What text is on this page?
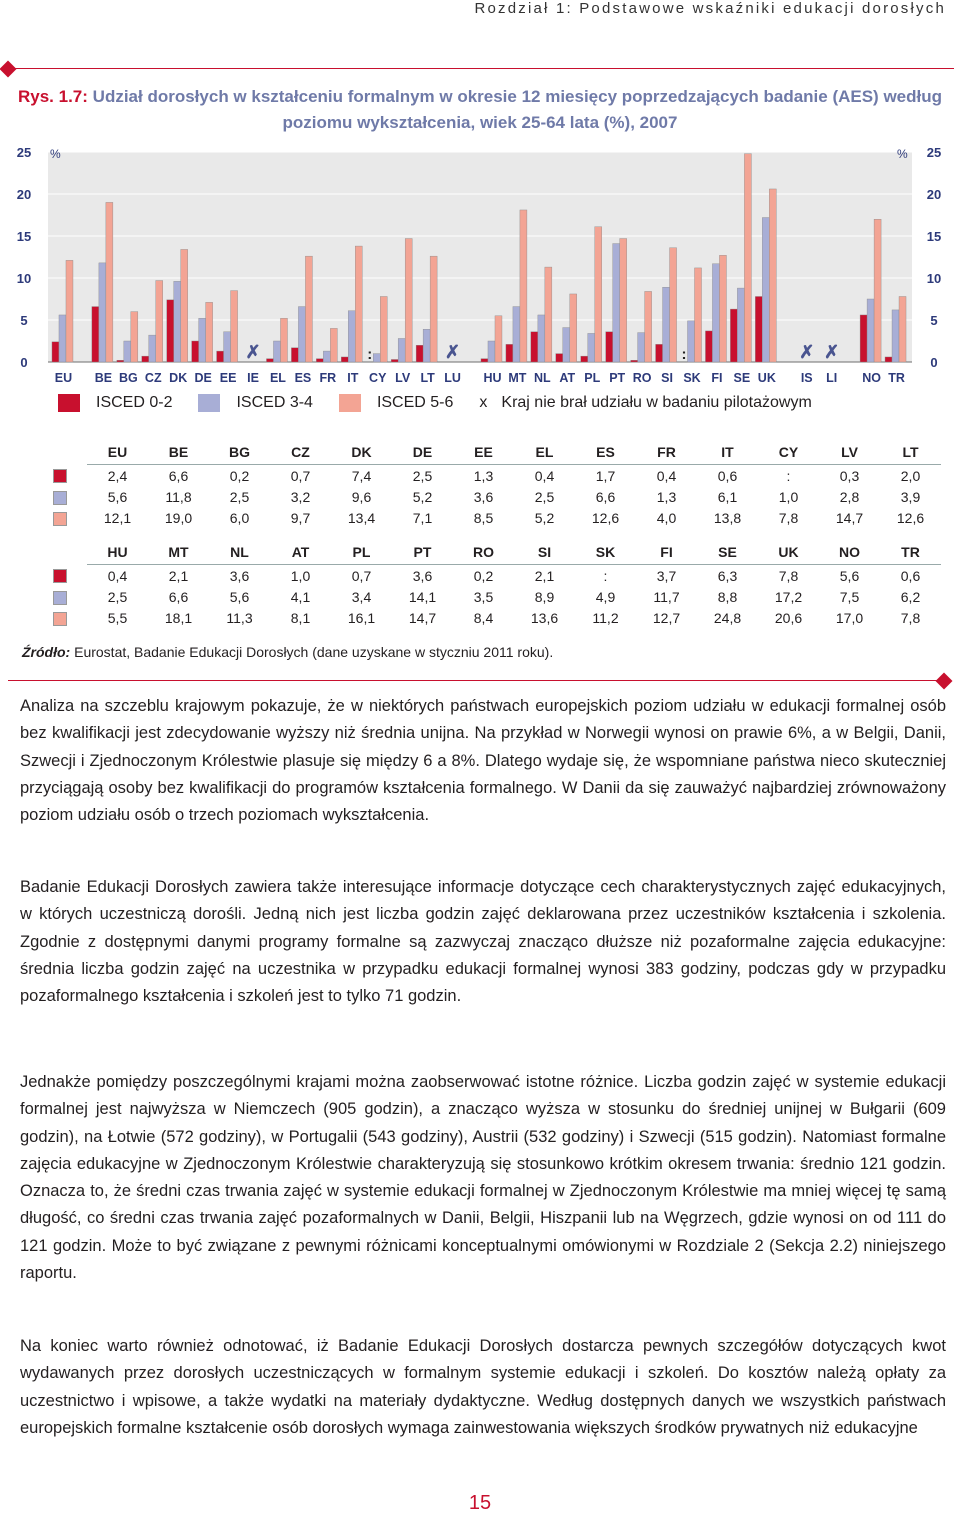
Rozdział 1: Podstawowe wskaźniki edukacji dorosłych
Rys. 1.7: Udział dorosłych w kształceniu formalnym w okresie 12 miesięcy poprzedzających badanie (AES) według
poziomu wykształcenia, wiek 25-64 lata (%), 2007
0	0
5	5
10	10
15	15
20	20
25	25
%	%
EU BE BG CZ DK DE EE
✗
IE EL ES FR IT
:
CY LV LT
✗
LU HU MT NL AT PL PT RO SI
:
SK FI SE UK
✗
IS
✗
LI NO TR
ISCED 0-2	ISCED 3-4	ISCED 5-6 x Kraj nie brał udziału w badaniu pilotażowym
	EU	BE	BG	CZ	DK	DE	EE	EL	ES	FR	IT	CY	LV	LT
	2,4	6,6	0,2	0,7	7,4	2,5	1,3	0,4	1,7	0,4	0,6	:	0,3	2,0
	5,6	11,8	2,5	3,2	9,6	5,2	3,6	2,5	6,6	1,3	6,1	1,0	2,8	3,9
	12,1	19,0	6,0	9,7	13,4	7,1	8,5	5,2	12,6	4,0	13,8	7,8	14,7	12,6
	HU	MT	NL	AT	PL	PT	RO	SI	SK	FI	SE	UK	NO	TR
	0,4	2,1	3,6	1,0	0,7	3,6	0,2	2,1	:	3,7	6,3	7,8	5,6	0,6
	2,5	6,6	5,6	4,1	3,4	14,1	3,5	8,9	4,9	11,7	8,8	17,2	7,5	6,2
	5,5	18,1	11,3	8,1	16,1	14,7	8,4	13,6	11,2	12,7	24,8	20,6	17,0	7,8
Źródło: Eurostat, Badanie Edukacji Dorosłych (dane uzyskane w styczniu 2011 roku).

Analiza na szczeblu krajowym pokazuje, że w niektórych państwach europejskich poziom udziału w edukacji formalnej osób bez kwalifikacji jest zdecydowanie wyższy niż średnia unijna. Na przykład w Norwegii wynosi on prawie 6%, a w Belgii, Danii, Szwecji i Zjednoczonym Królestwie plasuje się między 6 a 8%. Dlatego wydaje się, że wspomniane państwa nieco skuteczniej przyciągają osoby bez kwalifikacji do programów kształcenia formalnego. W Danii da się zauważyć najbardziej zrównoważony poziom udziału osób o trzech poziomach wykształcenia.

Badanie Edukacji Dorosłych zawiera także interesujące informacje dotyczące cech charakterystycznych zajęć edukacyjnych, w których uczestniczą dorośli. Jedną nich jest liczba godzin zajęć deklarowana przez uczestników kształcenia i szkolenia. Zgodnie z dostępnymi danymi programy formalne są zazwyczaj znacząco dłuższe niż pozaformalne zajęcia edukacyjne: średnia liczba godzin zajęć na uczestnika w przypadku edukacji formalnej wynosi 383 godziny, podczas gdy w przypadku pozaformalnego kształcenia i szkoleń jest to tylko 71 godzin.

Jednakże pomiędzy poszczególnymi krajami można zaobserwować istotne różnice. Liczba godzin zajęć w systemie edukacji formalnej jest najwyższa w Niemczech (905 godzin), a znacząco wyższa w stosunku do średniej unijnej w Bułgarii (609 godzin), na Łotwie (572 godziny), w Portugalii (543 godziny), Austrii (532 godziny) i Szwecji (515 godzin). Natomiast formalne zajęcia edukacyjne w Zjednoczonym Królestwie charakteryzują się stosunkowo krótkim okresem trwania: średnio 121 godzin. Oznacza to, że średni czas trwania zajęć w systemie edukacji formalnej w Zjednoczonym Królestwie ma mniej więcej tę samą długość, co średni czas trwania zajęć pozaformalnych w Danii, Belgii, Hiszpanii lub na Węgrzech, gdzie wynosi on od 111 do 121 godzin. Może to być związane z pewnymi różnicami konceptualnymi omówionymi w Rozdziale 2 (Sekcja 2.2) niniejszego raportu.

Na koniec warto również odnotować, iż Badanie Edukacji Dorosłych dostarcza pewnych szczegółów dotyczących kwot wydawanych przez dorosłych uczestniczących w formalnym systemie edukacji i szkoleń. Do kosztów należą opłaty za uczestnictwo i wpisowe, a także wydatki na materiały dydaktyczne. Według dostępnych danych we wszystkich państwach europejskich formalne kształcenie osób dorosłych wymaga zainwestowania większych środków prywatnych niż edukacyjne

15
